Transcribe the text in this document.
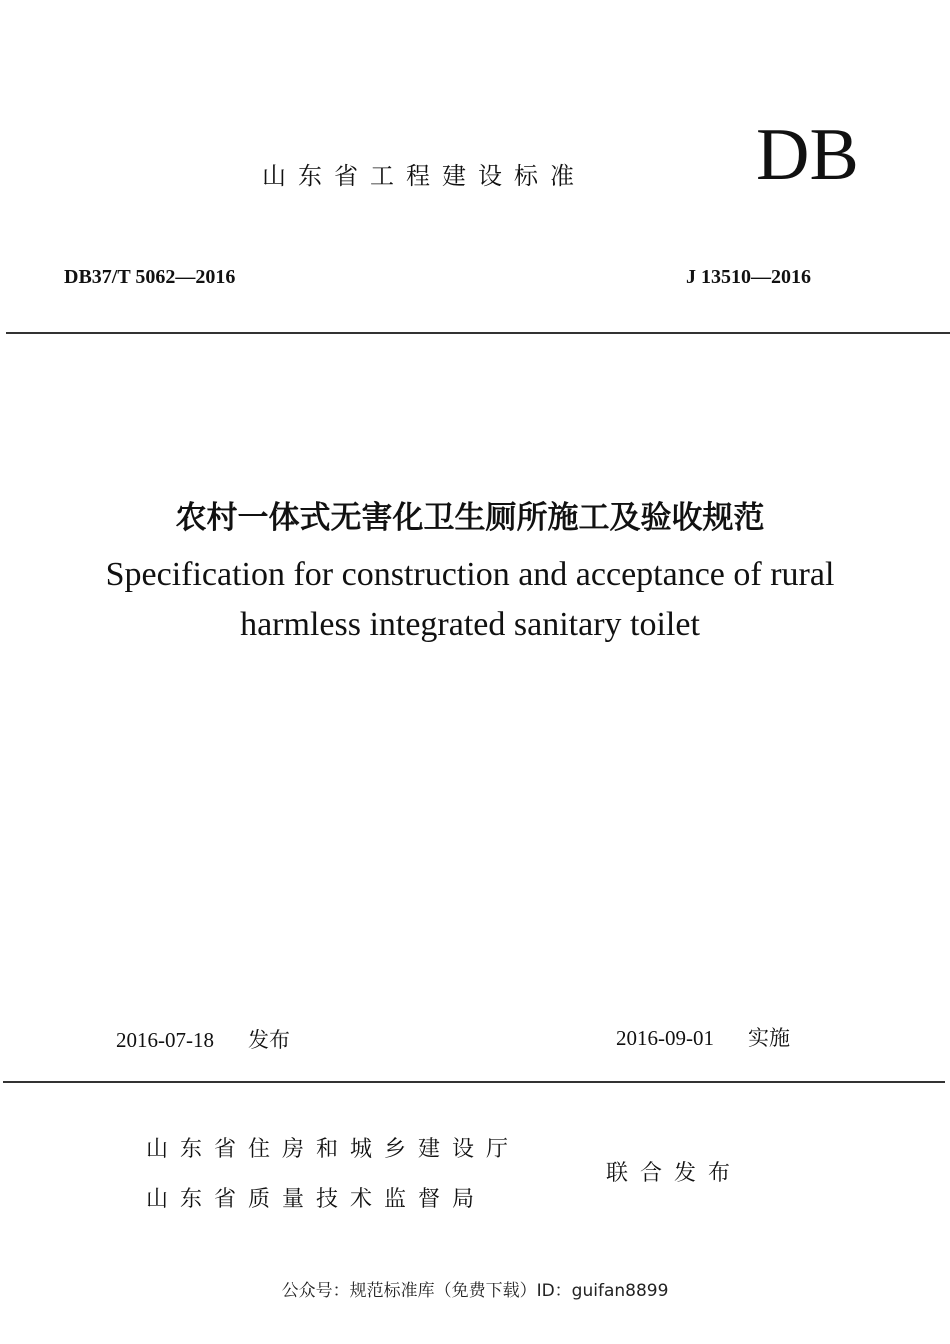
山东省工程建设标准	DB
DB37/T 5062—2016	J 13510—2016
农村一体式无害化卫生厕所施工及验收规范
Specification for construction and acceptance of rural
harmless integrated sanitary toilet
2016-07-18 发布	2016-09-01 实施
山东省住房和城乡建设厅
山东省质量技术监督局
联合发布
公众号：规范标准库（免费下载）ID：guifan8899
